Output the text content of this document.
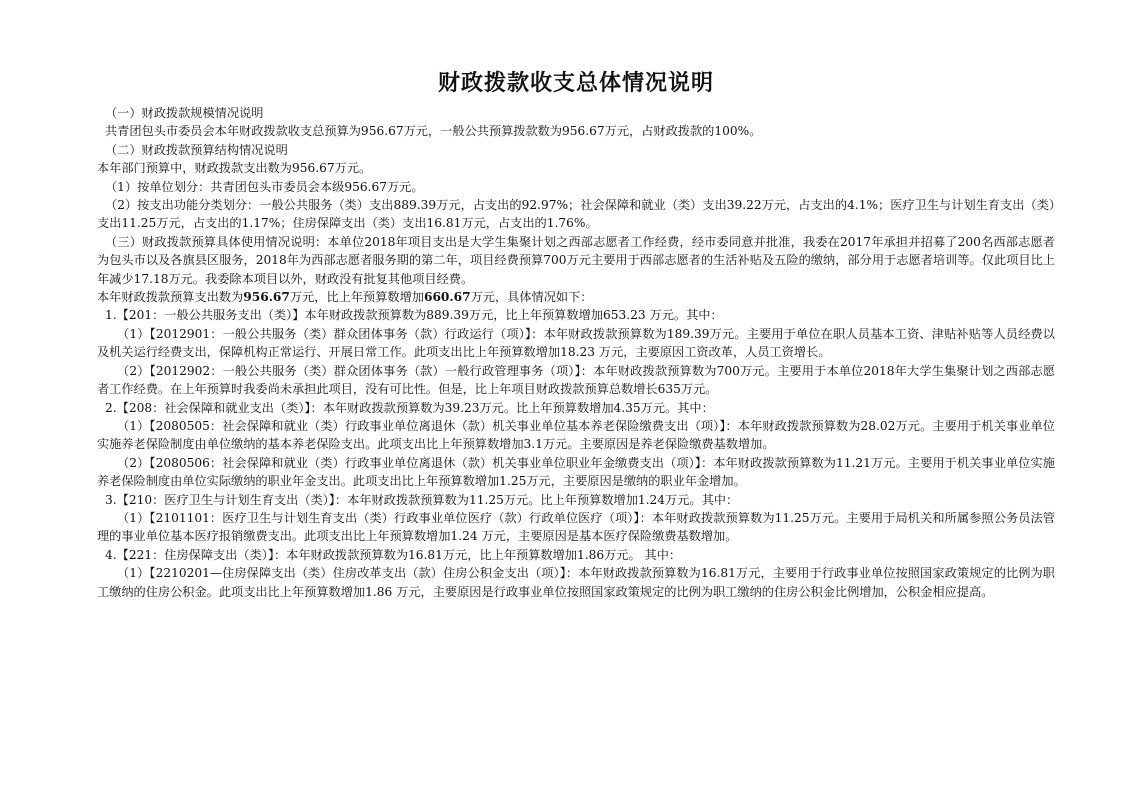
财政拨款收支总体情况说明

（一）财政拨款规模情况说明

共青团包头市委员会本年财政拨款收支总预算为956.67万元，一般公共预算拨款数为956.67万元，占财政拨款的100%。

（二）财政拨款预算结构情况说明

本年部门预算中，财政拨款支出数为956.67万元。

（1）按单位划分：共青团包头市委员会本级956.67万元。

（2）按支出功能分类划分：一般公共服务（类）支出889.39万元，占支出的92.97%；社会保障和就业（类）支出39.22万元，占支出的4.1%；医疗卫生与计划生育支出（类）支出11.25万元，占支出的1.17%；住房保障支出（类）支出16.81万元，占支出的1.76%。

（三）财政拨款预算具体使用情况说明：本单位2018年项目支出是大学生集聚计划之西部志愿者工作经费，经市委同意并批准，我委在2017年承担并招募了200名西部志愿者为包头市以及各旗县区服务，2018年为西部志愿者服务期的第二年，项目经费预算700万元主要用于西部志愿者的生活补贴及五险的缴纳，部分用于志愿者培训等。仅此项目比上年减少17.18万元。我委除本项目以外，财政没有批复其他项目经费。

本年财政拨款预算支出数为956.67万元，比上年预算数增加660.67万元，具体情况如下：

1.【201：一般公共服务支出（类）】本年财政拨款预算数为889.39万元，比上年预算数增加653.23 万元。其中：

（1）【2012901：一般公共服务（类）群众团体事务（款）行政运行（项）】：本年财政拨款预算数为189.39万元。主要用于单位在职人员基本工资、津贴补贴等人员经费以及机关运行经费支出，保障机构正常运行、开展日常工作。此项支出比上年预算数增加18.23 万元，主要原因工资改革，人员工资增长。

（2）【2012902：一般公共服务（类）群众团体事务（款）一般行政管理事务（项）】：本年财政拨款预算数为700万元。主要用于本单位2018年大学生集聚计划之西部志愿者工作经费。在上年预算时我委尚未承担此项目，没有可比性。但是，比上年项目财政拨款预算总数增长635万元。

2.【208：社会保障和就业支出（类）】：本年财政拨款预算数为39.23万元。比上年预算数增加4.35万元。其中：

（1）【2080505：社会保障和就业（类）行政事业单位离退休（款）机关事业单位基本养老保险缴费支出（项）】：本年财政拨款预算数为28.02万元。主要用于机关事业单位实施养老保险制度由单位缴纳的基本养老保险支出。此项支出比上年预算数增加3.1万元。主要原因是养老保险缴费基数增加。

（2）【2080506：社会保障和就业（类）行政事业单位离退休（款）机关事业单位职业年金缴费支出（项）】：本年财政拨款预算数为11.21万元。主要用于机关事业单位实施养老保险制度由单位实际缴纳的职业年金支出。此项支出比上年预算数增加1.25万元，主要原因是缴纳的职业年金增加。

3.【210：医疗卫生与计划生育支出（类）】：本年财政拨款预算数为11.25万元。比上年预算数增加1.24万元。其中：

（1）【2101101：医疗卫生与计划生育支出（类）行政事业单位医疗（款）行政单位医疗（项）】：本年财政拨款预算数为11.25万元。主要用于局机关和所属参照公务员法管理的事业单位基本医疗报销缴费支出。此项支出比上年预算数增加1.24 万元，主要原因是基本医疗保险缴费基数增加。

4.【221：住房保障支出（类）】：本年财政拨款预算数为16.81万元，比上年预算数增加1.86万元。 其中：

（1）【2210201—住房保障支出（类）住房改革支出（款）住房公积金支出（项）】：本年财政拨款预算数为16.81万元，主要用于行政事业单位按照国家政策规定的比例为职工缴纳的住房公积金。此项支出比上年预算数增加1.86 万元，主要原因是行政事业单位按照国家政策规定的比例为职工缴纳的住房公积金比例增加，公积金相应提高。
